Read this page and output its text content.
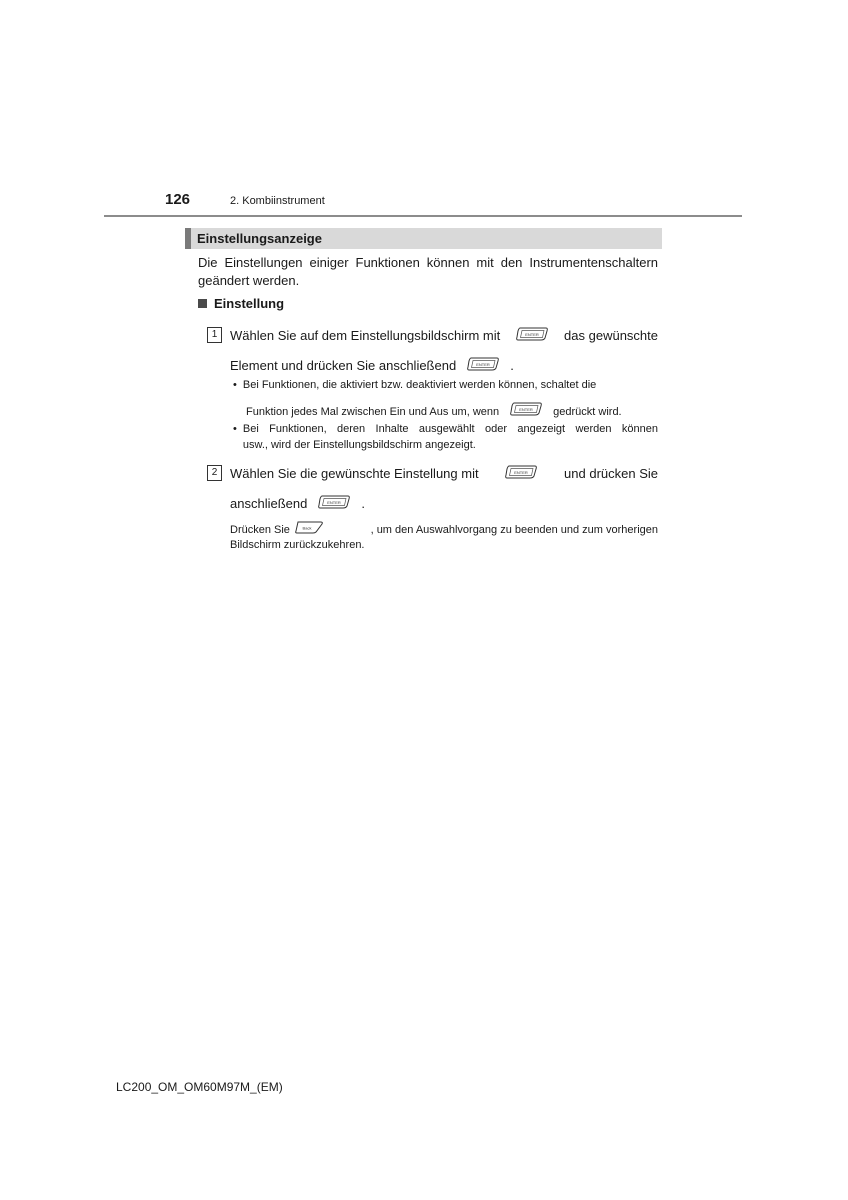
126	2. Kombiinstrument
Einstellungsanzeige
Die Einstellungen einiger Funktionen können mit den Instrumentenschaltern geändert werden.
Einstellung
1 Wählen Sie auf dem Einstellungsbildschirm mit	ENTER das gewünschte
Element und drücken Sie anschließend	ENTER .
• Bei Funktionen, die aktiviert bzw. deaktiviert werden können, schaltet die
Funktion jedes Mal zwischen Ein und Aus um, wenn	ENTER gedrückt wird.
• Bei Funktionen, deren Inhalte ausgewählt oder angezeigt werden können
usw., wird der Einstellungsbildschirm angezeigt.
2 Wählen Sie die gewünschte Einstellung mit	ENTER	und drücken Sie
anschließend	ENTER .
Drücken Sie	Back	, um den Auswahlvorgang zu beenden und zum vorherigen
Bildschirm zurückzukehren.
LC200_OM_OM60M97M_(EM)
